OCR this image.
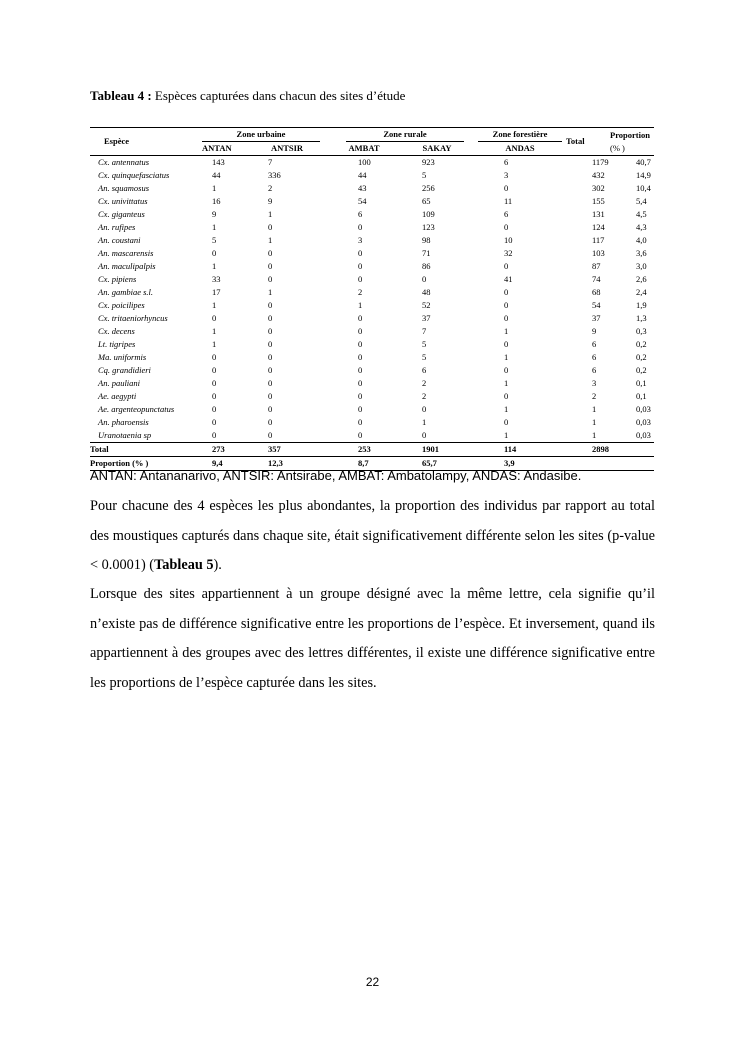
Tableau 4 : Espèces capturées dans chacun des sites d’étude
Espèce	Zone urbaine		Zone rurale		Zone forestière	Total	Proportion
	ANTAN	ANTSIR	AMBAT	SAKAY	ANDAS		(% )
Cx. antennatus	143	7	100	923	6	1179	40,7
Cx. quinquefasciatus	44	336	44	5	3	432	14,9
An. squamosus	1	2	43	256	0	302	10,4
Cx. univittatus	16	9	54	65	11	155	5,4
Cx. giganteus	9	1	6	109	6	131	4,5
An. rufipes	1	0	0	123	0	124	4,3
An. coustani	5	1	3	98	10	117	4,0
An. mascarensis	0	0	0	71	32	103	3,6
An. maculipalpis	1	0	0	86	0	87	3,0
Cx. pipiens	33	0	0	0	41	74	2,6
An. gambiae s.l.	17	1	2	48	0	68	2,4
Cx. poicilipes	1	0	1	52	0	54	1,9
Cx. tritaeniorhyncus	0	0	0	37	0	37	1,3
Cx. decens	1	0	0	7	1	9	0,3
Lt. tigripes	1	0	0	5	0	6	0,2
Ma. uniformis	0	0	0	5	1	6	0,2
Cq. grandidieri	0	0	0	6	0	6	0,2
An. pauliani	0	0	0	2	1	3	0,1
Ae. aegypti	0	0	0	2	0	2	0,1
Ae. argenteopunctatus	0	0	0	0	1	1	0,03
An. pharoensis	0	0	0	1	0	1	0,03
Uranotaenia sp	0	0	0	0	1	1	0,03
Total	273	357	253	1901	114	2898	
Proportion (% )	9,4	12,3	8,7	65,7	3,9		
ANTAN: Antananarivo, ANTSIR: Antsirabe, AMBAT: Ambatolampy, ANDAS: Andasibe.

Pour chacune des 4 espèces les plus abondantes, la proportion des individus par rapport au total des moustiques capturés dans chaque site, était significativement différente selon les sites (p-value < 0.0001) (Tableau 5).

Lorsque des sites appartiennent à un groupe désigné avec la même lettre, cela signifie qu’il n’existe pas de différence significative entre les proportions de l’espèce. Et inversement, quand ils appartiennent à des groupes avec des lettres différentes, il existe une différence significative entre les proportions de l’espèce capturée dans les sites.

22
